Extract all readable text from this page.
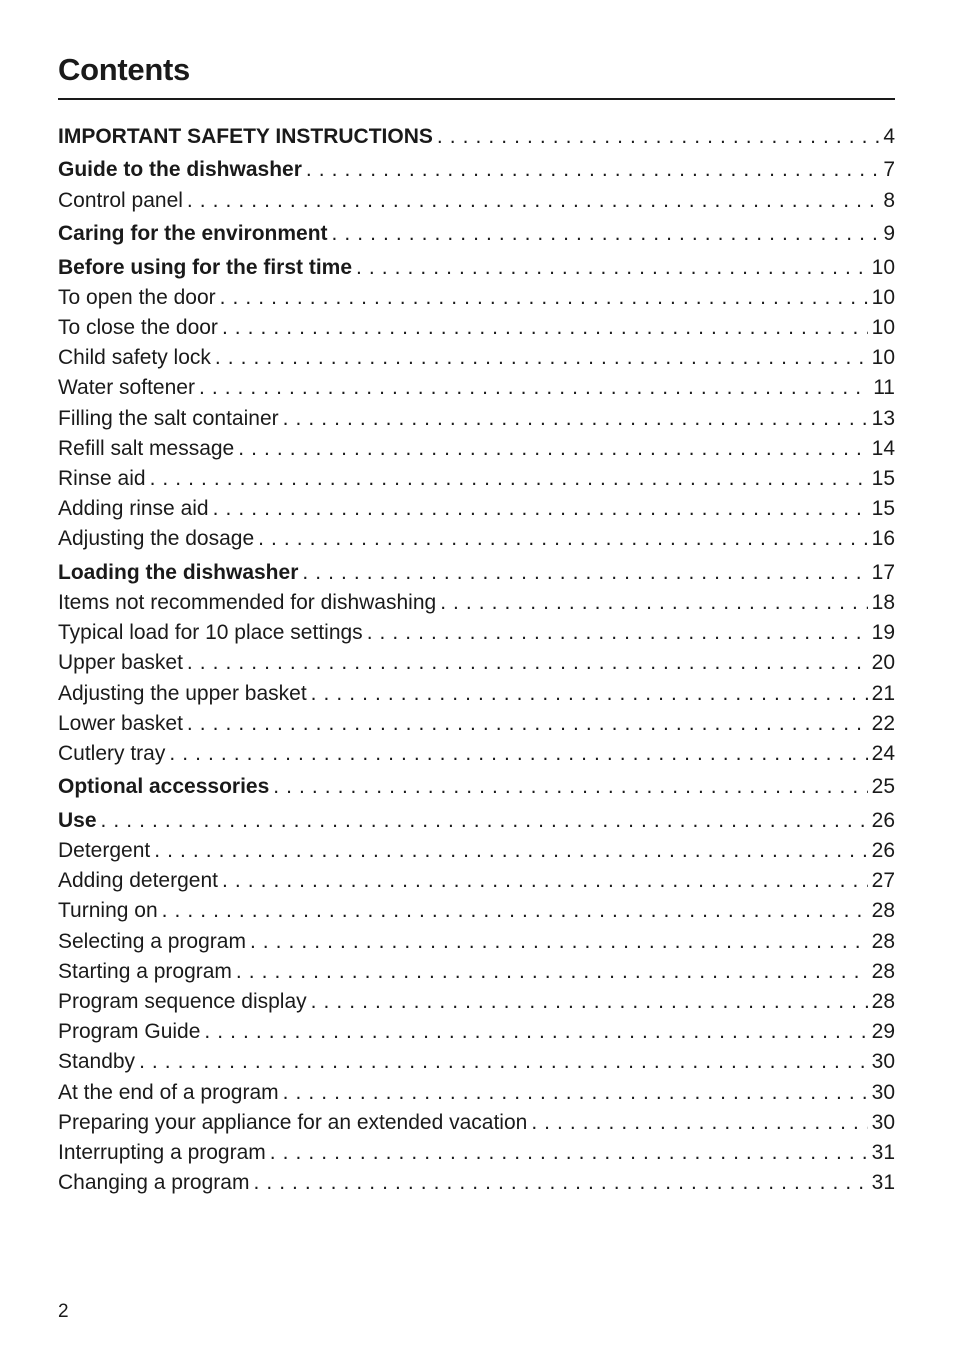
Contents
IMPORTANT SAFETY INSTRUCTIONS . . .	4
Guide to the dishwasher . . .	7
Control panel . . .	8
Caring for the environment . . .	9
Before using for the first time . . .	10
To open the door . . .	10
To close the door . . .	10
Child safety lock . . .	10
Water softener . . .	11
Filling the salt container . . .	13
Refill salt message . . .	14
Rinse aid . . .	15
Adding rinse aid . . .	15
Adjusting the dosage . . .	16
Loading the dishwasher . . .	17
Items not recommended for dishwashing . . .	18
Typical load for 10 place settings . . .	19
Upper basket . . .	20
Adjusting the upper basket . . .	21
Lower basket . . .	22
Cutlery tray . . .	24
Optional accessories . . .	25
Use . . .	26
Detergent . . .	26
Adding detergent . . .	27
Turning on . . .	28
Selecting a program . . .	28
Starting a program . . .	28
Program sequence display . . .	28
Program Guide . . .	29
Standby . . .	30
At the end of a program . . .	30
Preparing your appliance for an extended vacation . . .	30
Interrupting a program . . .	31
Changing a program . . .	31
2
